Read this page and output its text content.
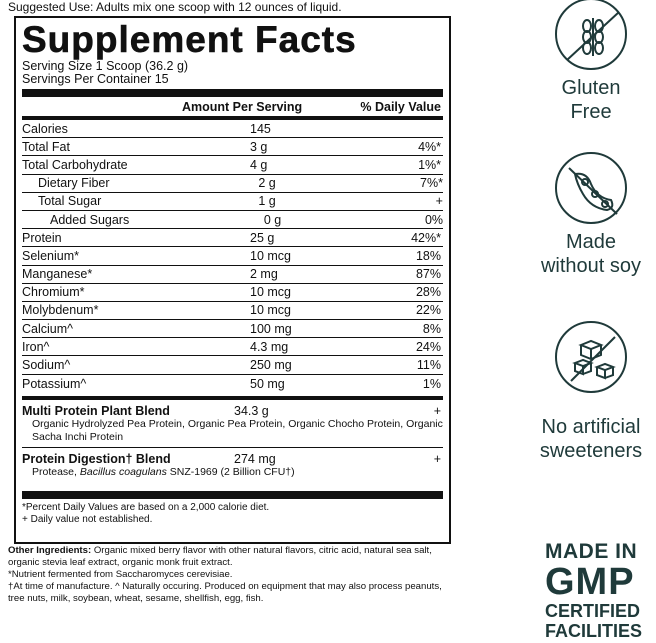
Suggested Use: Adults mix one scoop with 12 ounces of liquid.
Supplement Facts
Serving Size 1 Scoop (36.2 g)
Servings Per Container 15
Amount Per Serving	% Daily Value
Calories	145
Total Fat	3 g	4%*
Total Carbohydrate	4 g	1%*
Dietary Fiber	2 g	7%*
Total Sugar	1 g	+
Added Sugars	0 g	0%
Protein	25 g	42%*
Selenium*	10 mcg	18%
Manganese*	2 mg	87%
Chromium*	10 mcg	28%
Molybdenum*	10 mcg	22%
Calcium^	100 mg	8%
Iron^	4.3 mg	24%
Sodium^	250 mg	11%
Potassium^	50 mg	1%
Multi Protein Plant Blend	34.3 g	+
Organic Hydrolyzed Pea Protein, Organic Pea Protein, Organic Chocho Protein, Organic Sacha Inchi Protein
Protein Digestion† Blend	274 mg	+
Protease, Bacillus coagulans SNZ-1969 (2 Billion CFU†)
*Percent Daily Values are based on a 2,000 calorie diet.
+ Daily value not established.
Other Ingredients: Organic mixed berry flavor with other natural flavors, citric acid, natural sea salt, organic stevia leaf extract, organic monk fruit extract.
*Nutrient fermented from Saccharomyces cerevisiae.
†At time of manufacture. ^ Naturally occuring. Produced on equipment that may also process peanuts, tree nuts, milk, soybean, wheat, sesame, shellfish, egg, fish.
Gluten
Free
Made
without soy
No artificial
sweeteners
MADE IN
GMP
CERTIFIED
FACILITIES
